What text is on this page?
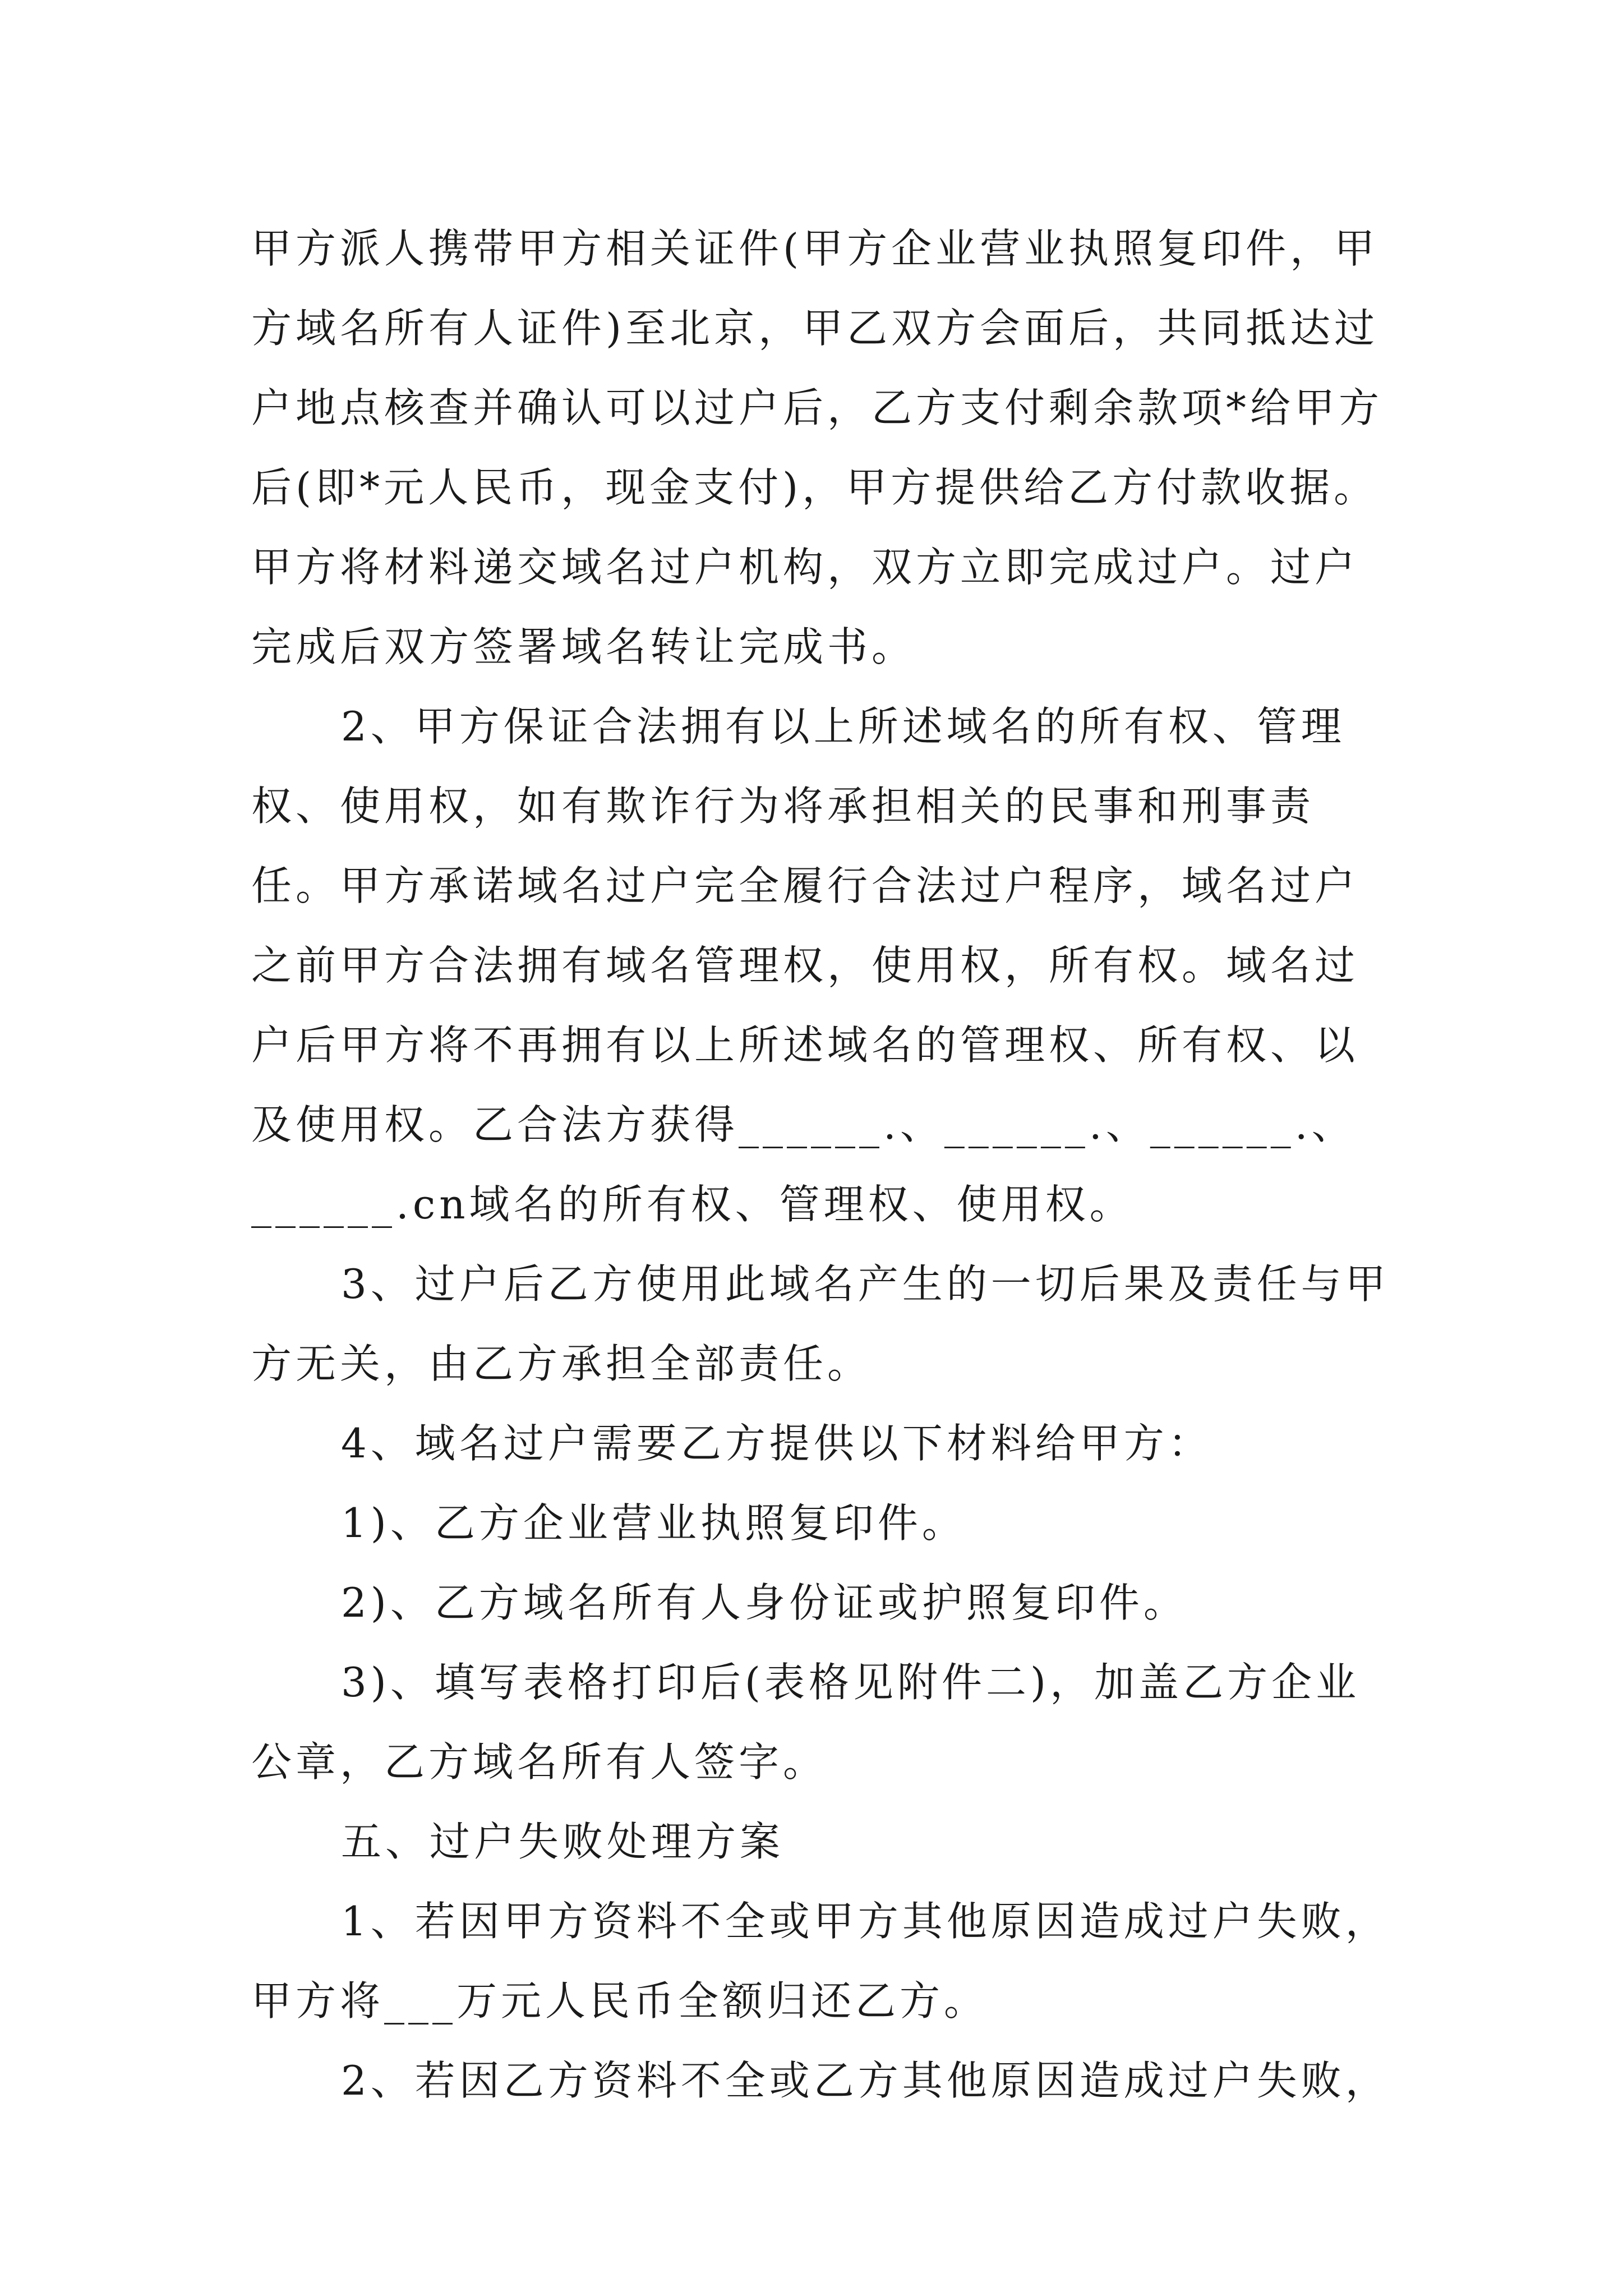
甲方派人携带甲方相关证件(甲方企业营业执照复印件，甲方域名所有人证件)至北京，甲乙双方会面后，共同抵达过户地点核查并确认可以过户后，乙方支付剩余款项*给甲方后(即*元人民币，现金支付)，甲方提供给乙方付款收据。甲方将材料递交域名过户机构，双方立即完成过户。过户完成后双方签署域名转让完成书。

2、甲方保证合法拥有以上所述域名的所有权、管理权、使用权，如有欺诈行为将承担相关的民事和刑事责任。甲方承诺域名过户完全履行合法过户程序，域名过户之前甲方合法拥有域名管理权，使用权，所有权。域名过户后甲方将不再拥有以上所述域名的管理权、所有权、以及使用权。乙合法方获得______.、______.、______.、______.cn域名的所有权、管理权、使用权。

3、过户后乙方使用此域名产生的一切后果及责任与甲方无关，由乙方承担全部责任。

4、域名过户需要乙方提供以下材料给甲方：

1)、乙方企业营业执照复印件。

2)、乙方域名所有人身份证或护照复印件。

3)、填写表格打印后(表格见附件二)，加盖乙方企业公章，乙方域名所有人签字。

五、过户失败处理方案

1、若因甲方资料不全或甲方其他原因造成过户失败，甲方将___万元人民币全额归还乙方。

2、若因乙方资料不全或乙方其他原因造成过户失败，
